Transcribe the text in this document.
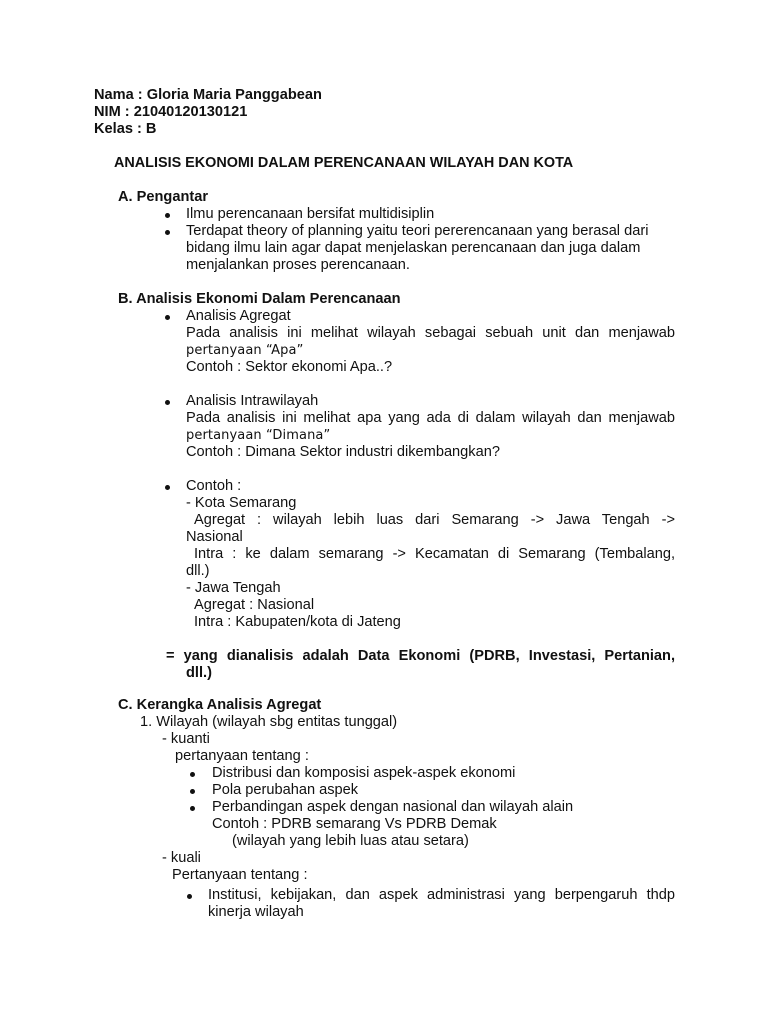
Nama : Gloria Maria Panggabean
NIM : 21040120130121
Kelas : B
ANALISIS EKONOMI DALAM PERENCANAAN WILAYAH DAN KOTA
A. Pengantar
Ilmu perencanaan bersifat multidisiplin
Terdapat theory of planning yaitu teori pererencanaan yang berasal dari
bidang ilmu lain agar dapat menjelaskan perencanaan dan juga dalam
menjalankan proses perencanaan.
B. Analisis Ekonomi Dalam Perencanaan
Analisis Agregat
Pada analisis ini melihat wilayah sebagai sebuah unit dan menjawab
pertanyaan “Apa”
Contoh : Sektor ekonomi Apa..?
Analisis Intrawilayah
Pada analisis ini melihat apa yang ada di dalam wilayah dan menjawab
pertanyaan “Dimana”
Contoh : Dimana Sektor industri dikembangkan?
Contoh :
- Kota Semarang
Agregat : wilayah lebih luas dari Semarang -> Jawa Tengah ->
Nasional
Intra : ke dalam semarang -> Kecamatan di Semarang (Tembalang,
dll.)
- Jawa Tengah
Agregat : Nasional
Intra : Kabupaten/kota di Jateng
= yang dianalisis adalah Data Ekonomi (PDRB, Investasi, Pertanian,
dll.)
C. Kerangka Analisis Agregat
1. Wilayah (wilayah sbg entitas tunggal)
- kuanti
pertanyaan tentang :
Distribusi dan komposisi aspek-aspek ekonomi
Pola perubahan aspek
Perbandingan aspek dengan nasional dan wilayah alain
Contoh : PDRB semarang Vs PDRB Demak
(wilayah yang lebih luas atau setara)
- kuali
Pertanyaan tentang :
Institusi, kebijakan, dan aspek administrasi yang berpengaruh thdp
kinerja wilayah
